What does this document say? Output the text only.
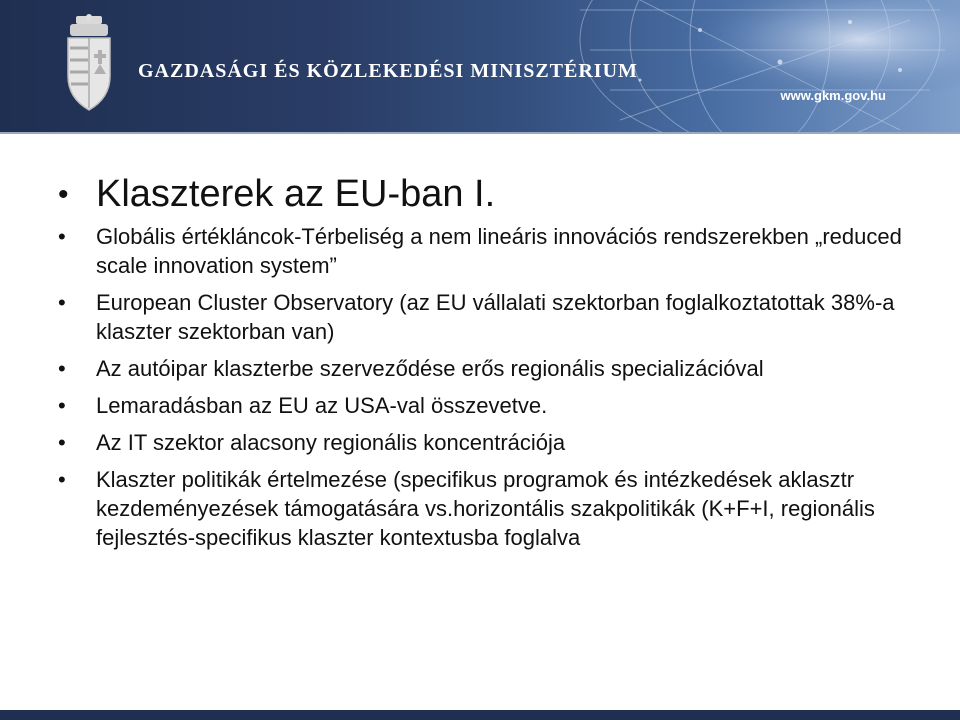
GAZDASÁGI ÉS KÖZLEKEDÉSI MINISZTÉRIUM
www.gkm.gov.hu
• Klaszterek az EU-ban I.
• Globális értékláncok-Térbeliség a nem lineáris innovációs rendszerekben „reduced scale innovation system”
• European Cluster Observatory (az EU vállalati szektorban foglalkoztatottak 38%-a klaszter szektorban van)
• Az autóipar klaszterbe szerveződése erős regionális specializációval
• Lemaradásban az EU az USA-val összevetve.
• Az IT szektor alacsony regionális koncentrációja
• Klaszter politikák értelmezése (specifikus programok és intézkedések aklasztr kezdeményezések támogatására vs.horizontális szakpolitikák (K+F+I, regionális fejlesztés-specifikus klaszter kontextusba foglalva
